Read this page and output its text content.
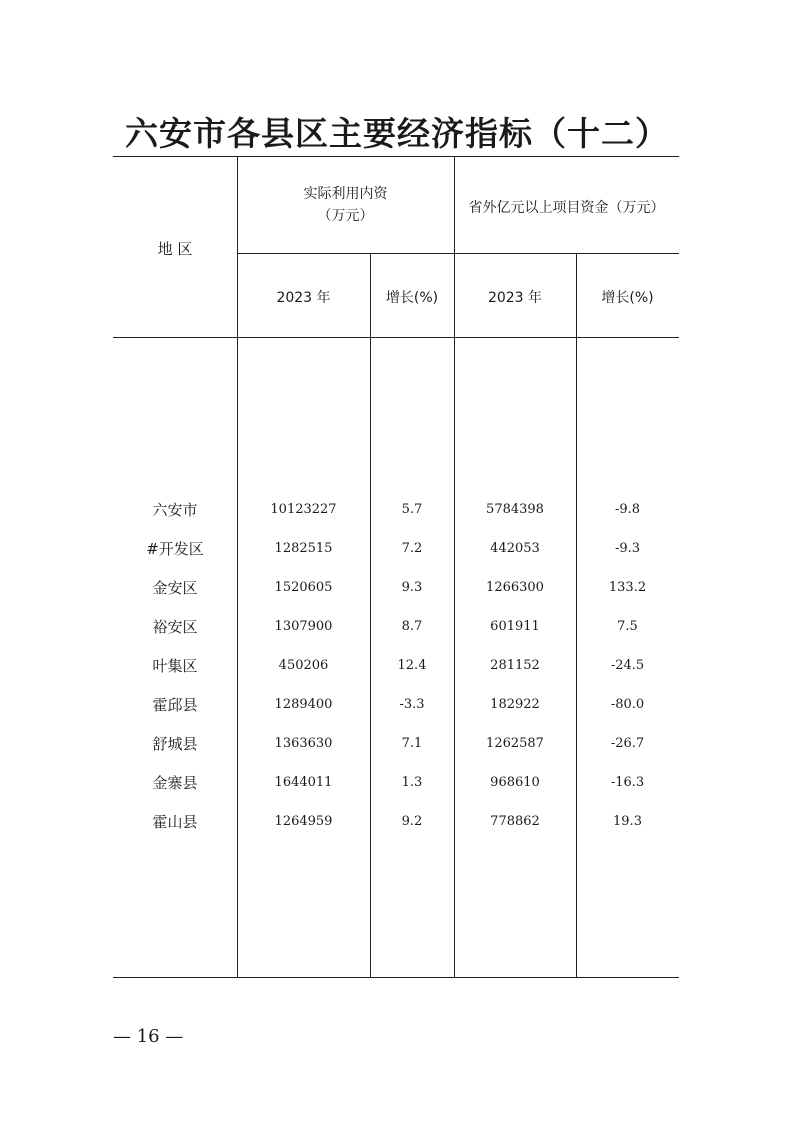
六安市各县区主要经济指标（十二）
地 区
实际利用内资
（万元）	省外亿元以上项目资金（万元）
2023 年	增长(%)	2023 年	增长(%)
六安市	10123227	5.7	5784398	-9.8
#开发区	1282515	7.2	442053	-9.3
金安区	1520605	9.3	1266300	133.2
裕安区	1307900	8.7	601911	7.5
叶集区	450206	12.4	281152	-24.5
霍邱县	1289400	-3.3	182922	-80.0
舒城县	1363630	7.1	1262587	-26.7
金寨县	1644011	1.3	968610	-16.3
霍山县	1264959	9.2	778862	19.3
— 16 —
